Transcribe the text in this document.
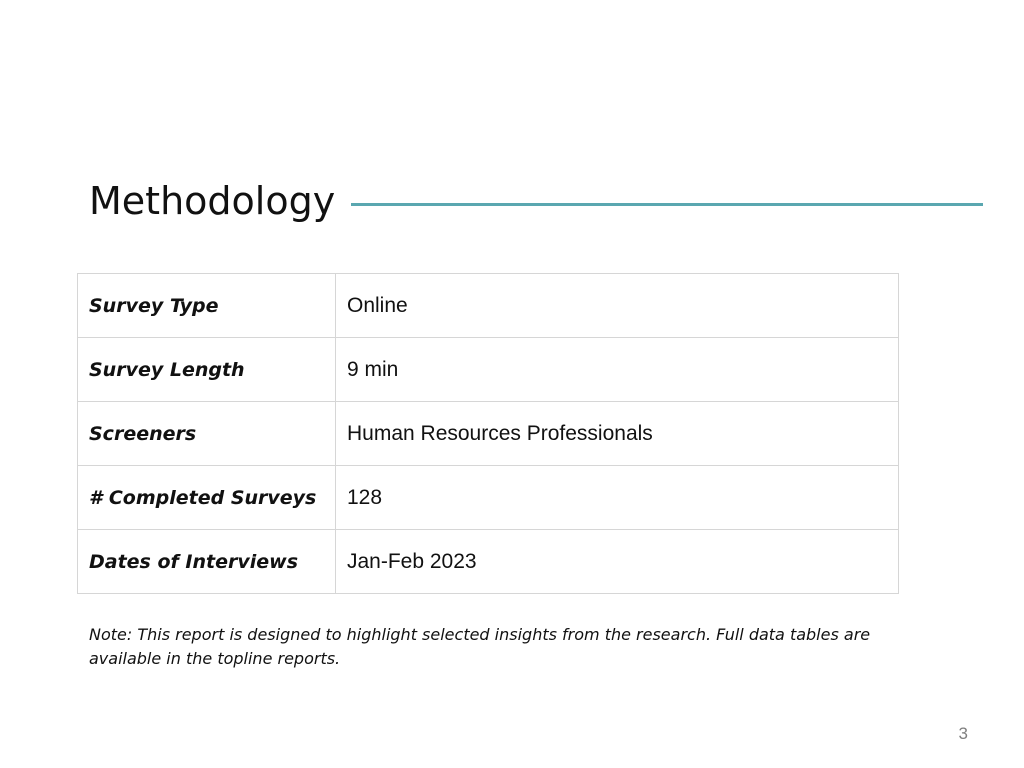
Methodology
Survey Type	Online
Survey Length	9 min
Screeners	Human Resources Professionals
# Completed Surveys	128
Dates of Interviews	Jan-Feb 2023
Note: This report is designed to highlight selected insights from the research. Full data tables are available in the topline reports.
3
